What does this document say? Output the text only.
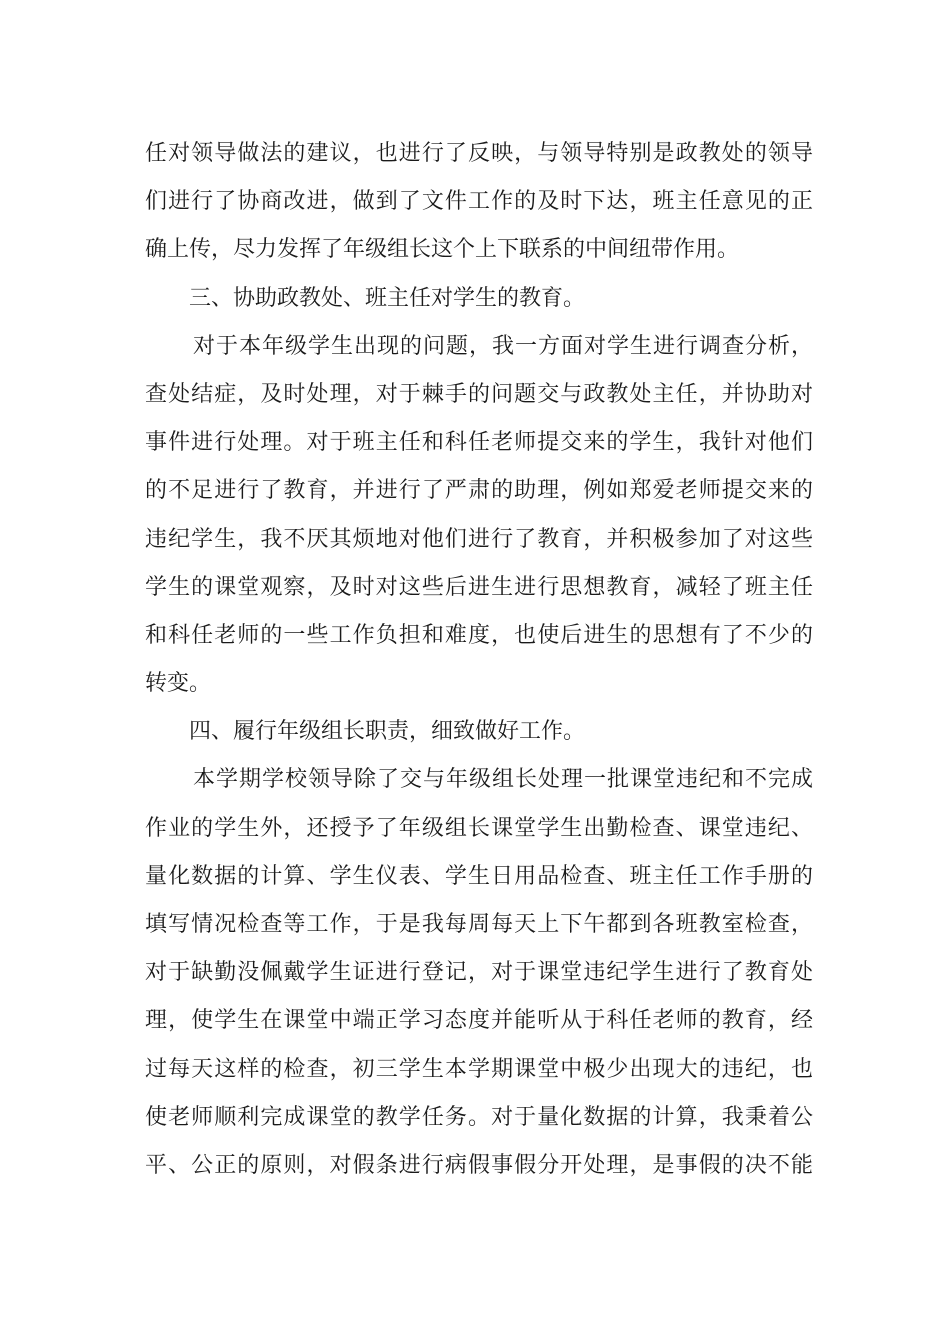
任对领导做法的建议，也进行了反映，与领导特别是政教处的领导
们进行了协商改进，做到了文件工作的及时下达，班主任意见的正
确上传，尽力发挥了年级组长这个上下联系的中间纽带作用。
三、协助政教处、班主任对学生的教育。
对于本年级学生出现的问题，我一方面对学生进行调查分析，
查处结症，及时处理，对于棘手的问题交与政教处主任，并协助对
事件进行处理。对于班主任和科任老师提交来的学生，我针对他们
的不足进行了教育，并进行了严肃的助理，例如郑爱老师提交来的
违纪学生，我不厌其烦地对他们进行了教育，并积极参加了对这些
学生的课堂观察，及时对这些后进生进行思想教育，减轻了班主任
和科任老师的一些工作负担和难度，也使后进生的思想有了不少的
转变。
四、履行年级组长职责，细致做好工作。
本学期学校领导除了交与年级组长处理一批课堂违纪和不完成
作业的学生外，还授予了年级组长课堂学生出勤检查、课堂违纪、
量化数据的计算、学生仪表、学生日用品检查、班主任工作手册的
填写情况检查等工作，于是我每周每天上下午都到各班教室检查，
对于缺勤没佩戴学生证进行登记，对于课堂违纪学生进行了教育处
理，使学生在课堂中端正学习态度并能听从于科任老师的教育，经
过每天这样的检查，初三学生本学期课堂中极少出现大的违纪，也
使老师顺利完成课堂的教学任务。对于量化数据的计算，我秉着公
平、公正的原则，对假条进行病假事假分开处理，是事假的决不能
